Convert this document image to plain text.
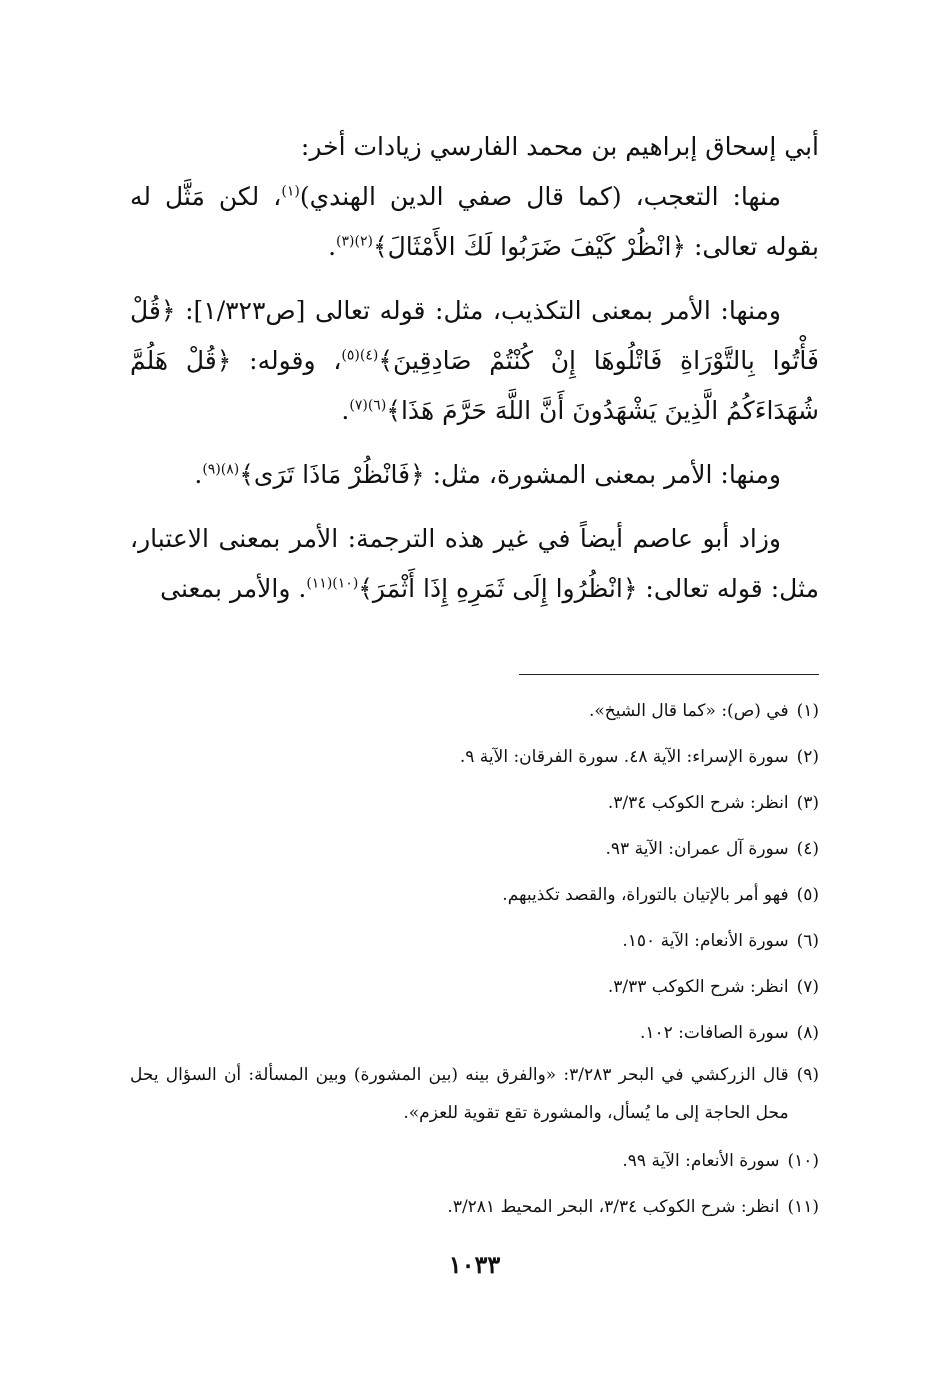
أبي إسحاق إبراهيم بن محمد الفارسي زيادات أخر:

منها: التعجب، (كما قال صفي الدين الهندي)$^{(١)}$، لكن مَثَّل له بقوله تعالى: ﴿انْظُرْ كَيْفَ ضَرَبُوا لَكَ الأَمْثَالَ﴾$^{(٢)(٣)}$.

ومنها: الأمر بمعنى التكذيب، مثل: قوله تعالى [ص١/٣٢٣]: ﴿قُلْ فَأْتُوا بِالتَّوْرَاةِ فَاتْلُوهَا إِنْ كُنْتُمْ صَادِقِينَ﴾$^{(٤)(٥)}$، وقوله: ﴿قُلْ هَلُمَّ شُهَدَاءَكُمُ الَّذِينَ يَشْهَدُونَ أَنَّ اللَّهَ حَرَّمَ هَذَا﴾$^{(٦)(٧)}$.

ومنها: الأمر بمعنى المشورة، مثل: ﴿فَانْظُرْ مَاذَا تَرَى﴾$^{(٨)(٩)}$.

وزاد أبو عاصم أيضاً في غير هذه الترجمة: الأمر بمعنى الاعتبار، مثل: قوله تعالى: ﴿انْظُرُوا إِلَى ثَمَرِهِ إِذَا أَثْمَرَ﴾$^{(١٠)(١١)}$. والأمر بمعنى

(١)
في (ص): «كما قال الشيخ».
(٢)
سورة الإسراء: الآية ٤٨. سورة الفرقان: الآية ٩.
(٣)
انظر: شرح الكوكب ٣/٣٤.
(٤)
سورة آل عمران: الآية ٩٣.
(٥)
فهو أمر بالإتيان بالتوراة، والقصد تكذيبهم.
(٦)
سورة الأنعام: الآية ١٥٠.
(٧)
انظر: شرح الكوكب ٣/٣٣.
(٨)
سورة الصافات: ١٠٢.
(٩)
قال الزركشي في البحر ٣/٢٨٣: «والفرق بينه (بين المشورة) وبين المسألة: أن السؤال يحل محل الحاجة إلى ما يُسأل، والمشورة تقع تقوية للعزم».
(١٠)
سورة الأنعام: الآية ٩٩.
(١١)
انظر: شرح الكوكب ٣/٣٤، البحر المحيط ٣/٢٨١.
١٠٣٣
